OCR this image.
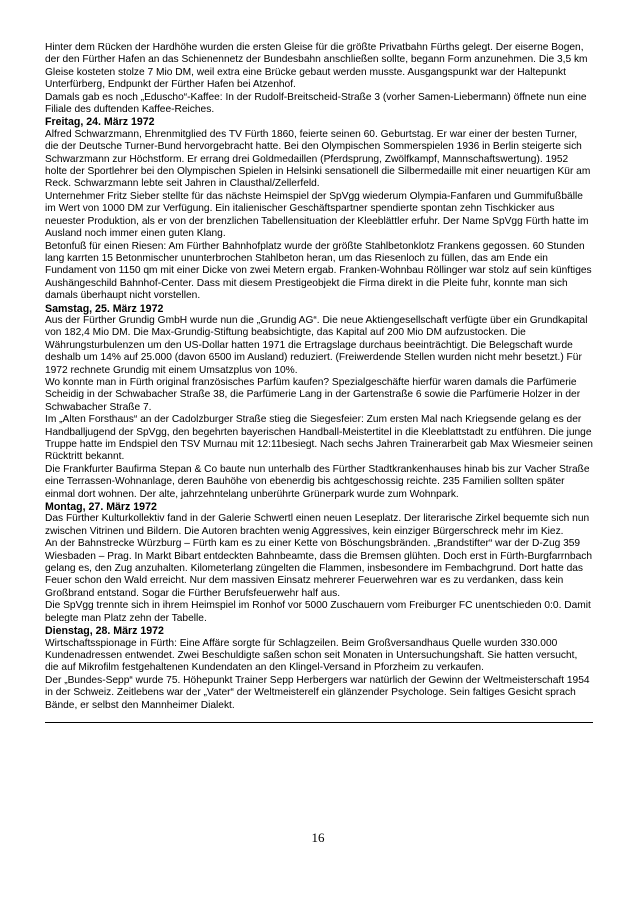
Hinter dem Rücken der Hardhöhe wurden die ersten Gleise für die größte Privatbahn Fürths gelegt. Der eiserne Bogen, der den Fürther Hafen an das Schienennetz der Bundesbahn anschließen sollte, begann Form anzunehmen. Die 3,5 km Gleise kosteten stolze 7 Mio DM, weil extra eine Brücke gebaut werden musste. Ausgangspunkt war der Haltepunkt Unterfürberg, Endpunkt der Fürther Hafen bei Atzenhof.

Damals gab es noch „Eduscho“-Kaffee: In der Rudolf-Breitscheid-Straße 3 (vorher Samen-Liebermann) öffnete nun eine Filiale des duftenden Kaffee-Reiches.

Freitag, 24. März 1972

Alfred Schwarzmann, Ehrenmitglied des TV Fürth 1860, feierte seinen 60. Geburtstag. Er war einer der besten Turner, die der Deutsche Turner-Bund hervorgebracht hatte. Bei den Olympischen Sommerspielen 1936 in Berlin steigerte sich Schwarzmann zur Höchstform. Er errang drei Goldmedaillen (Pferdsprung, Zwölfkampf, Mannschaftswertung). 1952 holte der Sportlehrer bei den Olympischen Spielen in Helsinki sensationell die Silbermedaille mit einer neuartigen Kür am Reck. Schwarzmann lebte seit Jahren in Clausthal/Zellerfeld.

Unternehmer Fritz Sieber stellte für das nächste Heimspiel der SpVgg wiederum Olympia-Fanfaren und Gummifußbälle im Wert von 1000 DM zur Verfügung. Ein italienischer Geschäftspartner spendierte spontan zehn Tischkicker aus neuester Produktion, als er von der brenzlichen Tabellensituation der Kleeblättler erfuhr. Der Name SpVgg Fürth hatte im Ausland noch immer einen guten Klang.

Betonfuß für einen Riesen: Am Fürther Bahnhofplatz wurde der größte Stahlbetonklotz Frankens gegossen. 60 Stunden lang karrten 15 Betonmischer ununterbrochen Stahlbeton heran, um das Riesenloch zu füllen, das am Ende ein Fundament von 1150 qm mit einer Dicke von zwei Metern ergab. Franken-Wohnbau Röllinger war stolz auf sein künftiges Aushängeschild Bahnhof-Center. Dass mit diesem Prestigeobjekt die Firma direkt in die Pleite fuhr, konnte man sich damals überhaupt nicht vorstellen.

Samstag, 25. März 1972

Aus der Fürther Grundig GmbH wurde nun die „Grundig AG“. Die neue Aktiengesellschaft verfügte über ein Grundkapital von 182,4 Mio DM. Die Max-Grundig-Stiftung beabsichtigte, das Kapital auf 200 Mio DM aufzustocken. Die Währungsturbulenzen um den US-Dollar hatten 1971 die Ertragslage durchaus beeinträchtigt. Die Belegschaft wurde deshalb um 14% auf 25.000 (davon 6500 im Ausland) reduziert. (Freiwerdende Stellen wurden nicht mehr besetzt.) Für 1972 rechnete Grundig mit einem Umsatzplus von 10%.

Wo konnte man in Fürth original französisches Parfüm kaufen? Spezialgeschäfte hierfür waren damals die Parfümerie Scheidig in der Schwabacher Straße 38, die Parfümerie Lang in der Gartenstraße 6 sowie die Parfümerie Holzer in der Schwabacher Straße 7.

Im „Alten Forsthaus“ an der Cadolzburger Straße stieg die Siegesfeier: Zum ersten Mal nach Kriegsende gelang es der Handballjugend der SpVgg, den begehrten bayerischen Handball-Meistertitel in die Kleeblattstadt zu entführen. Die junge Truppe hatte im Endspiel den TSV Murnau mit 12:11besiegt. Nach sechs Jahren Trainerarbeit gab Max Wiesmeier seinen Rücktritt bekannt.

Die Frankfurter Baufirma Stepan & Co baute nun unterhalb des Fürther Stadtkrankenhauses hinab bis zur Vacher Straße eine Terrassen-Wohnanlage, deren Bauhöhe von ebenerdig bis achtgeschossig reichte. 235 Familien sollten später einmal dort wohnen. Der alte, jahrzehntelang unberührte Grünerpark wurde zum Wohnpark.

Montag, 27. März 1972

Das Fürther Kulturkollektiv fand in der Galerie Schwertl einen neuen Leseplatz. Der literarische Zirkel bequemte sich nun zwischen Vitrinen und Bildern. Die Autoren brachten wenig Aggressives, kein einziger Bürgerschreck mehr im Kiez.

An der Bahnstrecke Würzburg – Fürth kam es zu einer Kette von Böschungsbränden. „Brandstifter“ war der D-Zug 359 Wiesbaden – Prag. In Markt Bibart entdeckten Bahnbeamte, dass die Bremsen glühten. Doch erst in Fürth-Burgfarrnbach gelang es, den Zug anzuhalten. Kilometerlang züngelten die Flammen, insbesondere im Fembachgrund. Dort hatte das Feuer schon den Wald erreicht. Nur dem massiven Einsatz mehrerer Feuerwehren war es zu verdanken, dass kein Großbrand entstand. Sogar die Fürther Berufsfeuerwehr half aus.

Die SpVgg trennte sich in ihrem Heimspiel im Ronhof vor 5000 Zuschauern vom Freiburger FC unentschieden 0:0. Damit belegte man Platz zehn der Tabelle.

Dienstag, 28. März 1972

Wirtschaftsspionage in Fürth: Eine Affäre sorgte für Schlagzeilen. Beim Großversandhaus Quelle wurden 330.000 Kundenadressen entwendet. Zwei Beschuldigte saßen schon seit Monaten in Untersuchungshaft. Sie hatten versucht, die auf Mikrofilm festgehaltenen Kundendaten an den Klingel-Versand in Pforzheim zu verkaufen.

Der „Bundes-Sepp“ wurde 75. Höhepunkt Trainer Sepp Herbergers war natürlich der Gewinn der Weltmeisterschaft 1954 in der Schweiz. Zeitlebens war der „Vater“ der Weltmeisterelf ein glänzender Psychologe. Sein faltiges Gesicht sprach Bände, er selbst den Mannheimer Dialekt.

16
